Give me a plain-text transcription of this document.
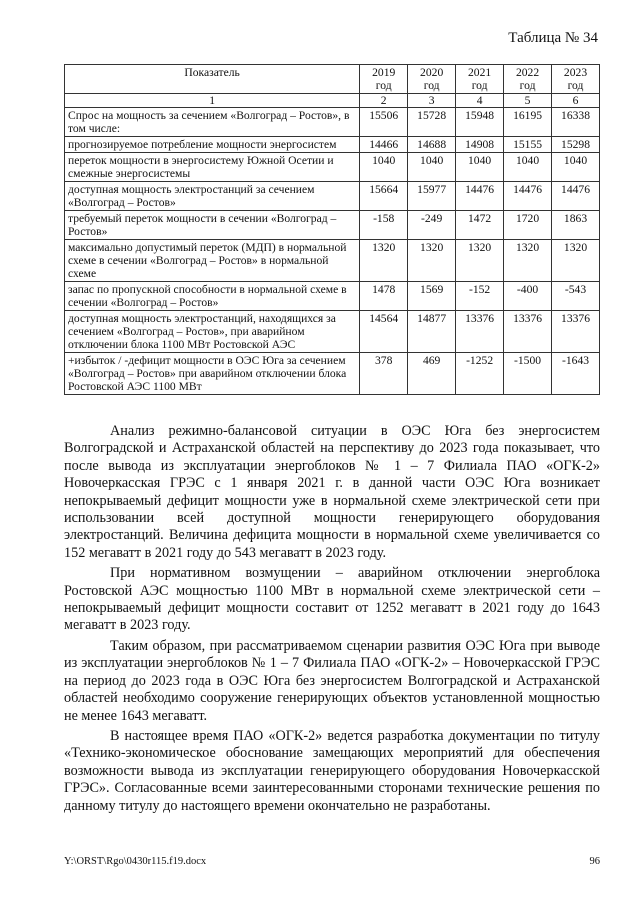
Таблица № 34
Показатель	2019 год	2020 год	2021 год	2022 год	2023 год
1	2	3	4	5	6
Спрос на мощность за сечением «Волгоград – Ростов», в том числе:	15506	15728	15948	16195	16338
прогнозируемое потребление мощности энергосистем	14466	14688	14908	15155	15298
переток мощности в энергосистему Южной Осетии и смежные энергосистемы	1040	1040	1040	1040	1040
доступная мощность электростанций за сечением «Волгоград – Ростов»	15664	15977	14476	14476	14476
требуемый переток мощности в сечении «Волгоград – Ростов»	-158	-249	1472	1720	1863
максимально допустимый переток (МДП) в нормальной схеме в сечении «Волгоград – Ростов» в нормальной схеме	1320	1320	1320	1320	1320
запас по пропускной способности в нормальной схеме в сечении «Волгоград – Ростов»	1478	1569	-152	-400	-543
доступная мощность электростанций, находящихся за сечением «Волгоград – Ростов», при аварийном отключении блока 1100 МВт Ростовской АЭС	14564	14877	13376	13376	13376
+избыток / -дефицит мощности в ОЭС Юга за сечением «Волгоград – Ростов» при аварийном отключении блока Ростовской АЭС 1100 МВт	378	469	-1252	-1500	-1643

Анализ режимно-балансовой ситуации в ОЭС Юга без энергосистем Волгоградской и Астраханской областей на перспективу до 2023 года показывает, что после вывода из эксплуатации энергоблоков № 1 – 7 Филиала ПАО «ОГК-2» Новочеркасская ГРЭС с 1 января 2021 г. в данной части ОЭС Юга возникает непокрываемый дефицит мощности уже в нормальной схеме электрической сети при использовании всей доступной мощности генерирующего оборудования электростанций. Величина дефицита мощности в нормальной схеме увеличивается со 152 мегаватт в 2021 году до 543 мегаватт в 2023 году.

При нормативном возмущении – аварийном отключении энергоблока Ростовской АЭС мощностью 1100 МВт в нормальной схеме электрической сети – непокрываемый дефицит мощности составит от 1252 мегаватт в 2021 году до 1643 мегаватт в 2023 году.

Таким образом, при рассматриваемом сценарии развития ОЭС Юга при выводе из эксплуатации энергоблоков № 1 – 7 Филиала ПАО «ОГК-2» – Новочеркасской ГРЭС на период до 2023 года в ОЭС Юга без энергосистем Волгоградской и Астраханской областей необходимо сооружение генерирующих объектов установленной мощностью не менее 1643 мегаватт.

В настоящее время ПАО «ОГК-2» ведется разработка документации по титулу «Технико-экономическое обоснование замещающих мероприятий для обеспечения возможности вывода из эксплуатации генерирующего оборудования Новочеркасской ГРЭС». Согласованные всеми заинтересованными сторонами технические решения по данному титулу до настоящего времени окончательно не разработаны.

Y:\ORST\Rgo\0430r115.f19.docx	96
